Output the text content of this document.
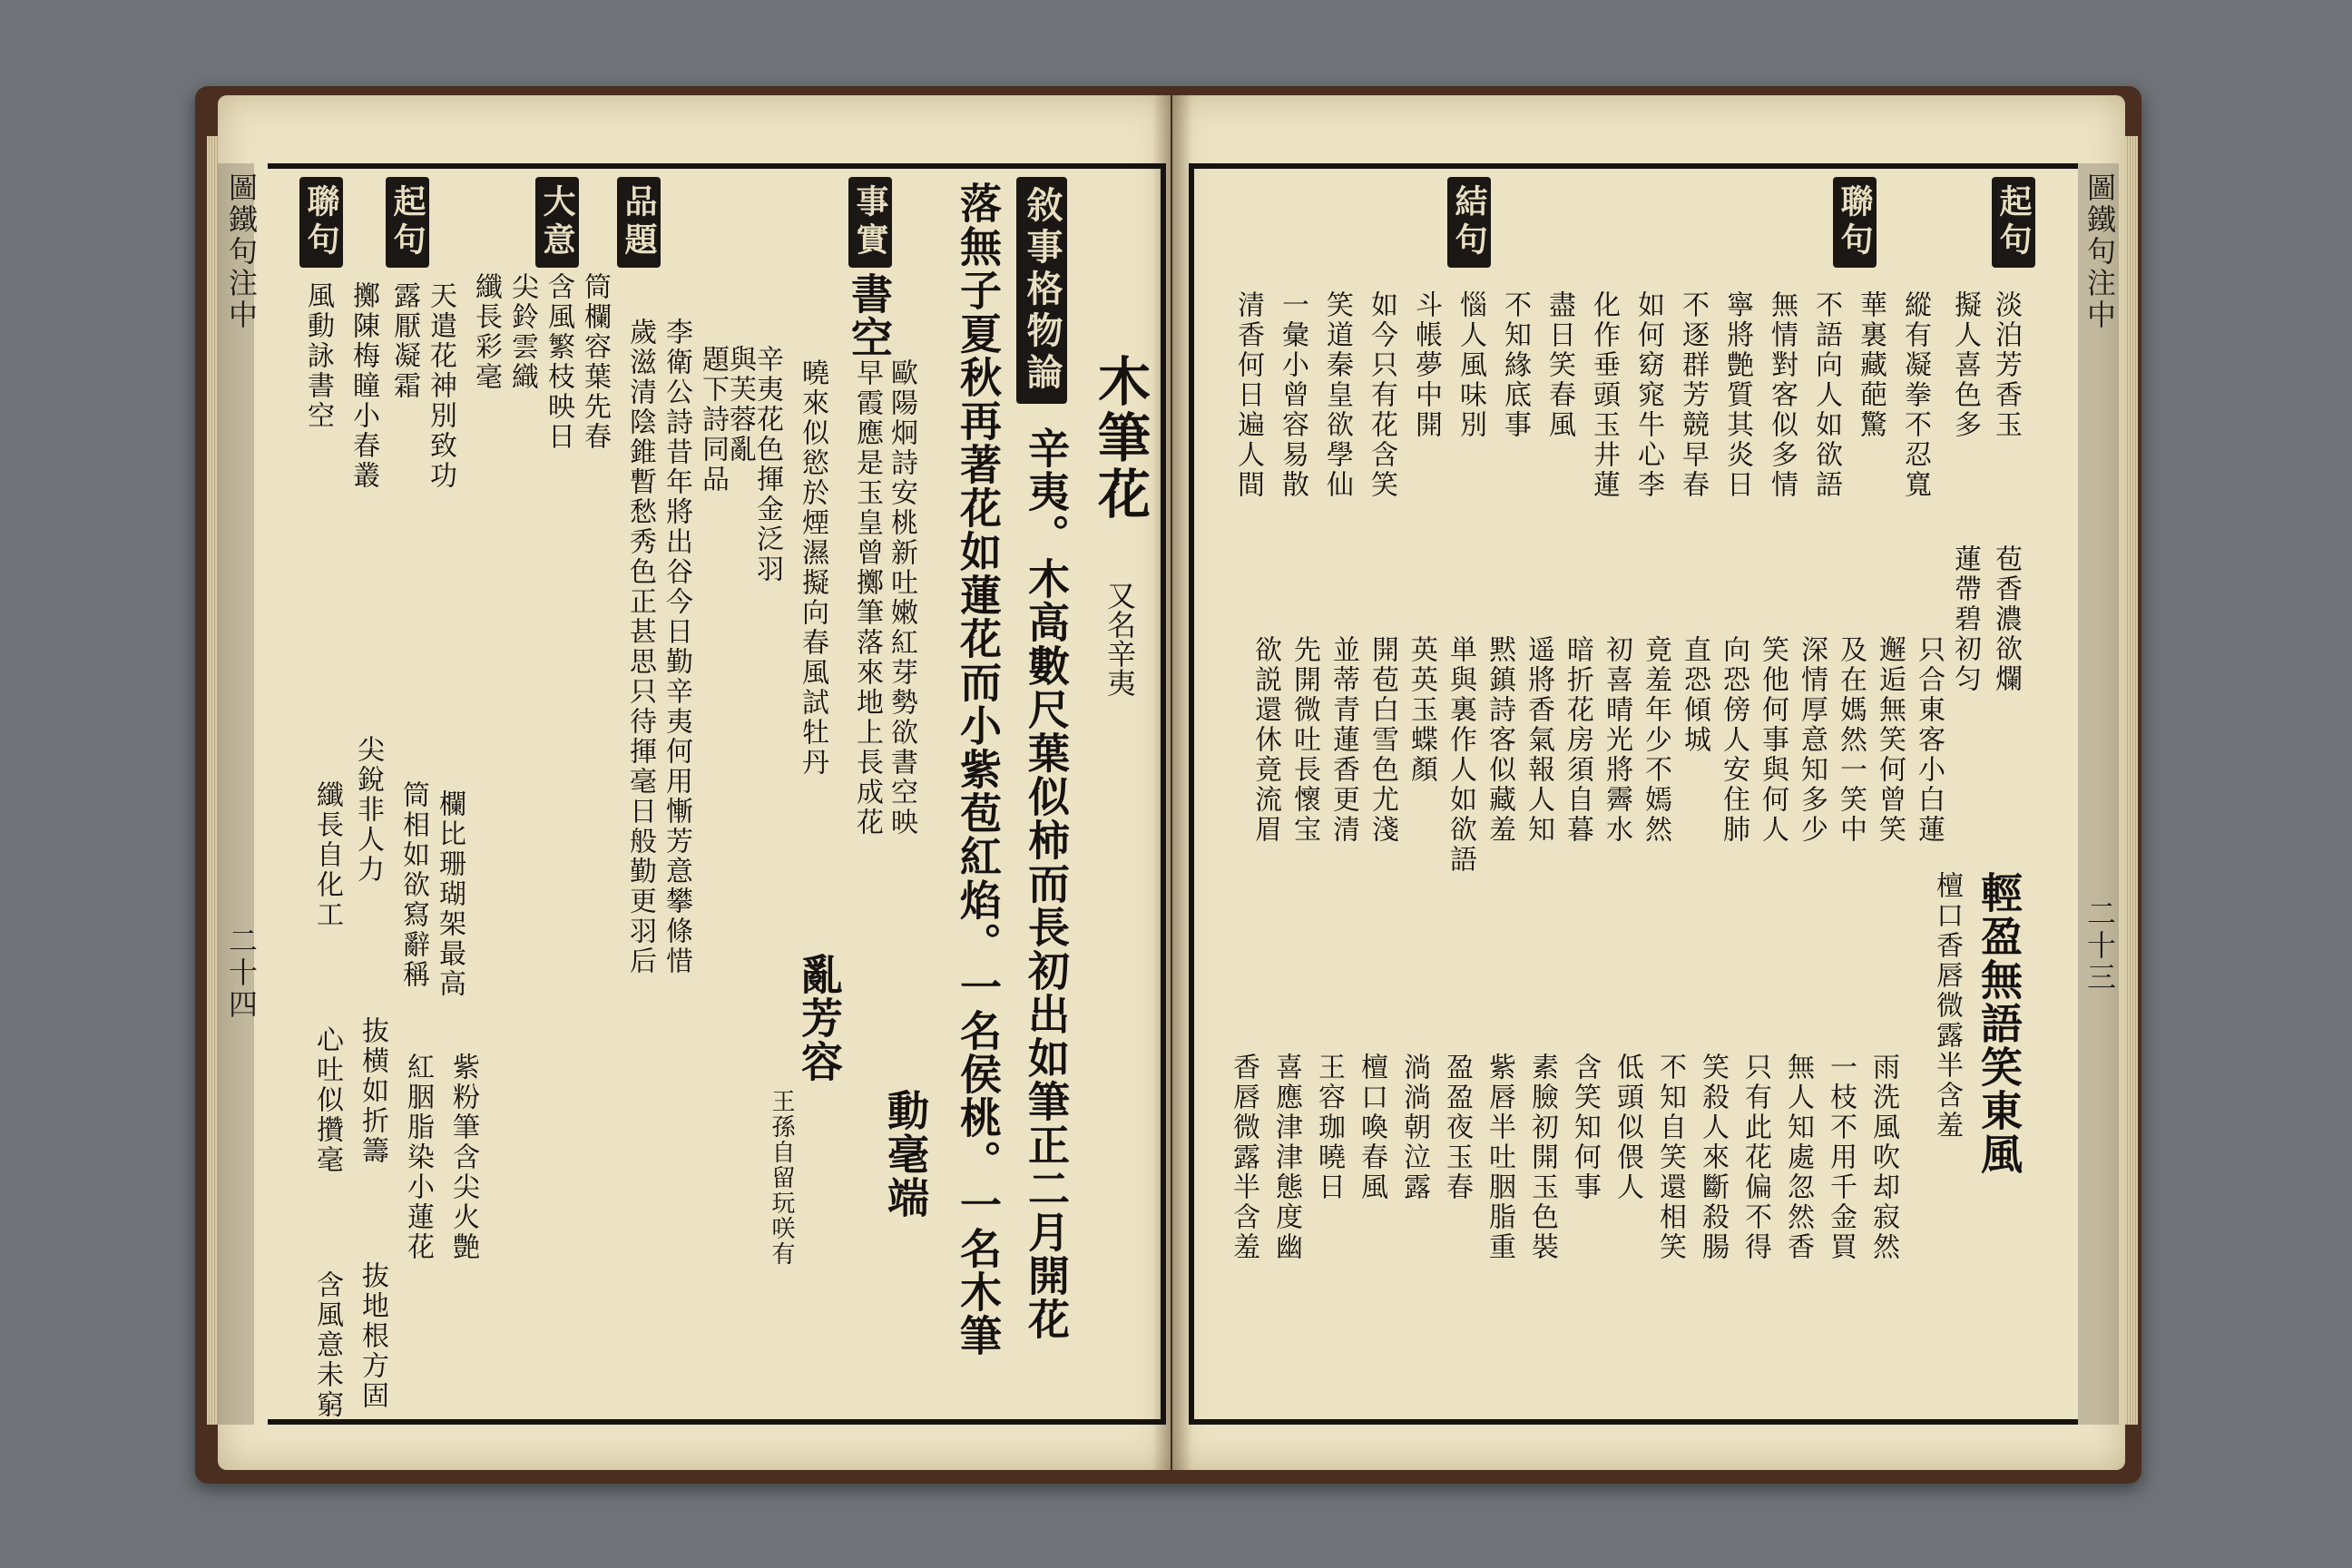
圖鐵句注中
二十四
木筆花
又名辛夷
敘事格物論
辛夷。木高數尺葉似柿而長初出如筆正二月開花
落無子夏秋再著花如蓮花而小紫苞紅焰。一名侯桃。一名木筆
事實
書空
歐陽炯詩安桃新吐嫩紅芽勢欲書空映
早霞應是玉皇曾擲筆落來地上長成花
曉來似慾於煙濕擬向春風試牡丹
動毫端
亂芳容
王孫自留玩咲有
辛夷花色揮金泛羽
與芙蓉亂
題下詩同品
品題
歲滋清陰錐暫愁秀色正甚思只待揮毫日般勤更羽后 李衛公詩昔年將出谷今日勤辛夷何用慚芳意攀條惜
大意
筒欄容葉先春
含風繁枝映日
尖鈴雲織
纖長彩毫
起句
聯句
露厭凝霜
風動詠書空	天遣花神別致功
擲陳梅瞳小春叢
欄比珊瑚架最高
筒相如欲寫辭稱
尖銳非人力
纖長自化工
心吐似攢毫
含風意未窮
抜横如折籌
抜地根方固
紅胭脂染小蓮花 紫粉筆含尖火艶
圖鐵句注中
二十三
起句
淡泊芳香玉
苞香濃欲爛
輕盈無語笑東風
聯句
擬人喜色多
蓮帶碧初匀
檀口香唇微露半含羞
結句
縱有凝拳不忍寬
華裏藏葩驚
不語向人如欲語
無情對客似多情
寧將艶質其炎日
不逐群芳競早春
如何窈窕牛心李
化作垂頭玉井蓮
盡日笑春風
不知緣底事
惱人風味別
斗帳夢中開
如今只有花含笑
笑道秦皇欲學仙
一彙小曾容易散
清香何日遍人間
只合東客小白蓮
邂逅無笑何曾笑
及在媽然一笑中
深情厚意知多少
笑他何事與何人
向恐傍人安住肺
直恐傾城
竟羞年少不嫣然
初喜晴光將霽水
暗折花房須自暮
遥將香氣報人知
黙鎮詩客似藏羞
単與裏作人如欲語
英英玉蝶顏
開苞白雪色尤淺
並蒂青蓮香更清
先開微吐長懷宝
欲説還休竟流眉
雨洗風吹却寂然
一枝不用千金買
無人知處忽然香
只有此花偏不得
笑殺人來斷殺腸
不知自笑還相笑
低頭似偎人
含笑知何事
素臉初開玉色裝
紫唇半吐胭脂重
盈盈夜玉春
淌淌朝泣露
檀口喚春風
王容珈曉日
喜應津津態度幽
香唇微露半含羞
